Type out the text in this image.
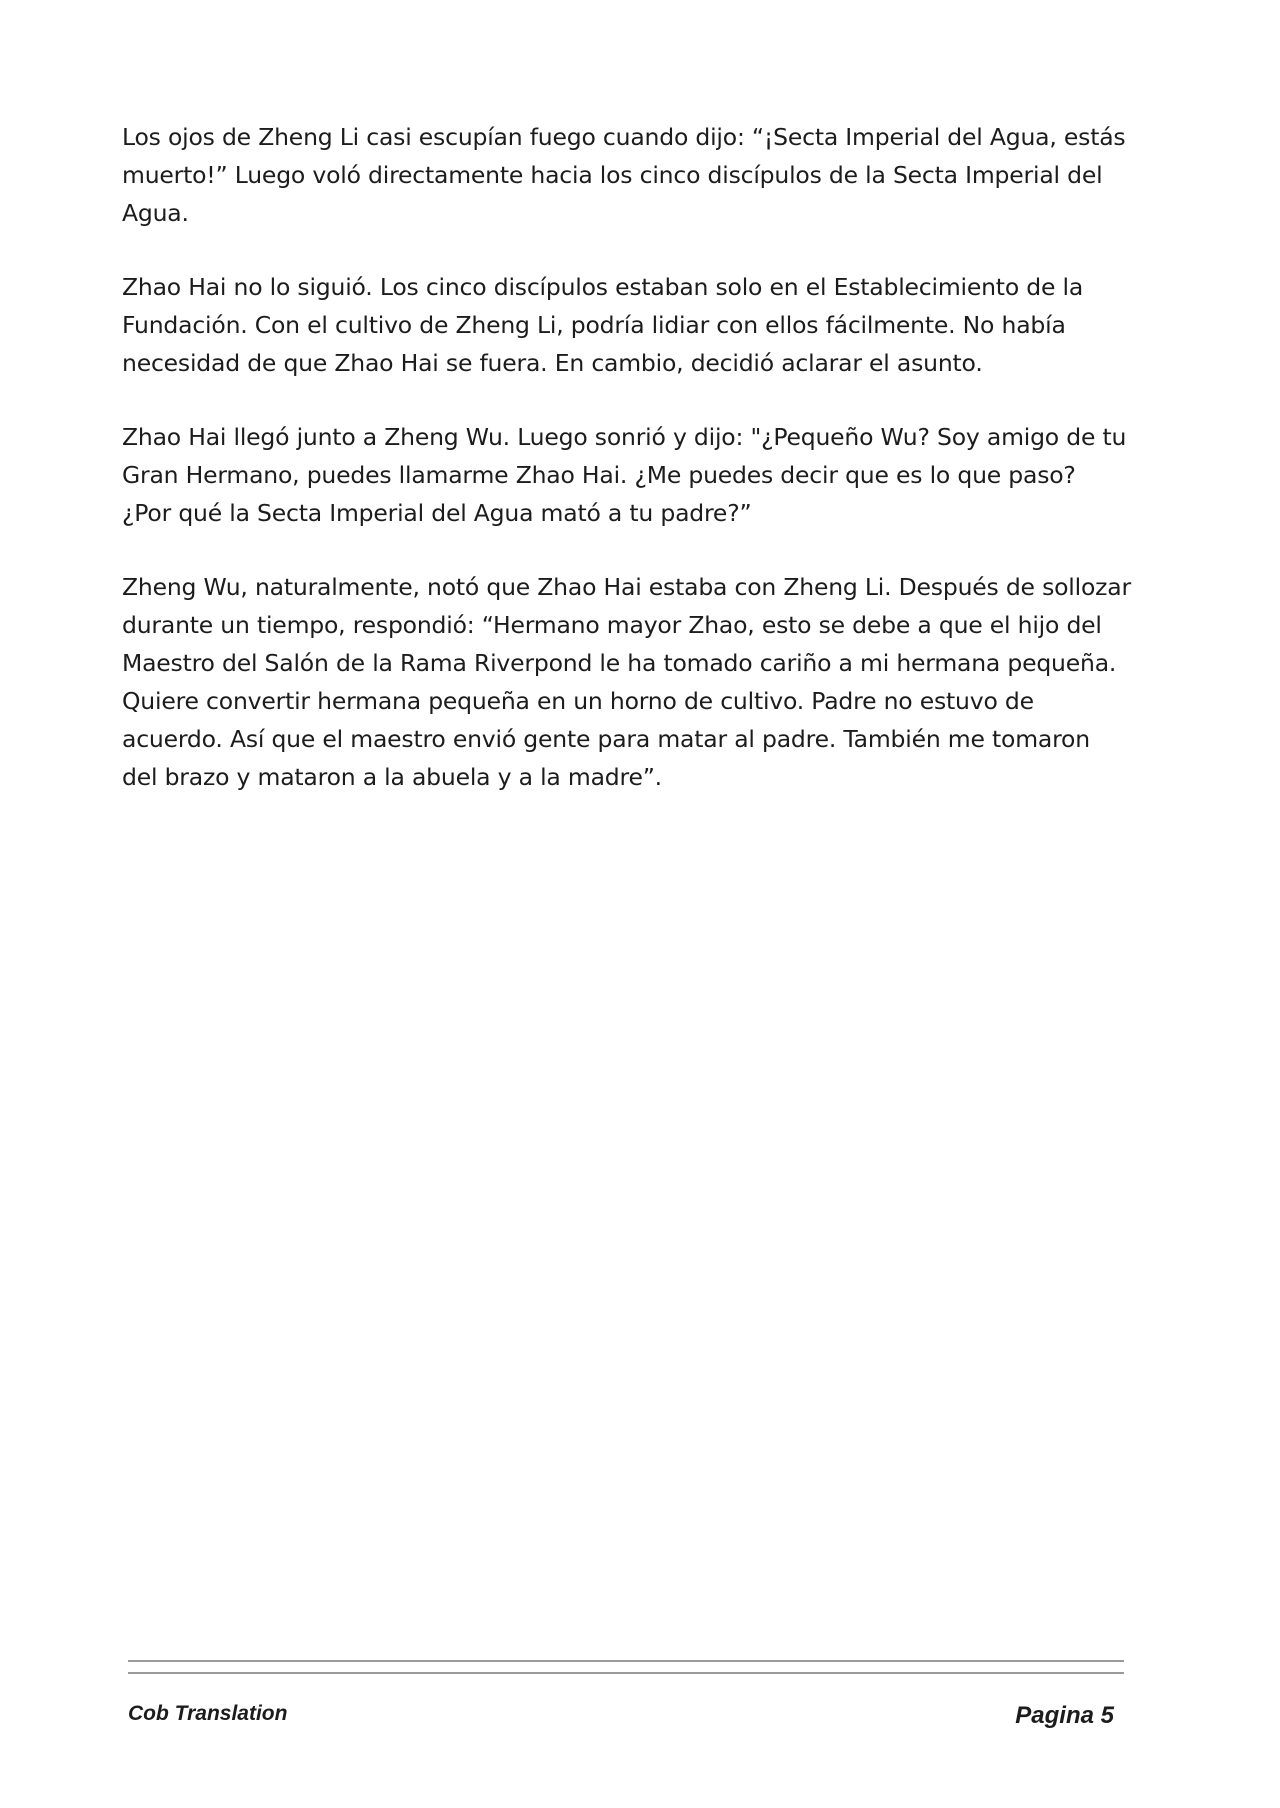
Los ojos de Zheng Li casi escupían fuego cuando dijo: “¡Secta Imperial del Agua, estás muerto!” Luego voló directamente hacia los cinco discípulos de la Secta Imperial del Agua.

Zhao Hai no lo siguió. Los cinco discípulos estaban solo en el Establecimiento de la Fundación. Con el cultivo de Zheng Li, podría lidiar con ellos fácilmente. No había necesidad de que Zhao Hai se fuera. En cambio, decidió aclarar el asunto.

Zhao Hai llegó junto a Zheng Wu. Luego sonrió y dijo: "¿Pequeño Wu? Soy amigo de tu Gran Hermano, puedes llamarme Zhao Hai. ¿Me puedes decir que es lo que paso? ¿Por qué la Secta Imperial del Agua mató a tu padre?”

Zheng Wu, naturalmente, notó que Zhao Hai estaba con Zheng Li. Después de sollozar durante un tiempo, respondió: “Hermano mayor Zhao, esto se debe a que el hijo del Maestro del Salón de la Rama Riverpond le ha tomado cariño a mi hermana pequeña. Quiere convertir hermana pequeña en un horno de cultivo. Padre no estuvo de acuerdo. Así que el maestro envió gente para matar al padre. También me tomaron del brazo y mataron a la abuela y a la madre”.

Cob Translation	Pagina 5
